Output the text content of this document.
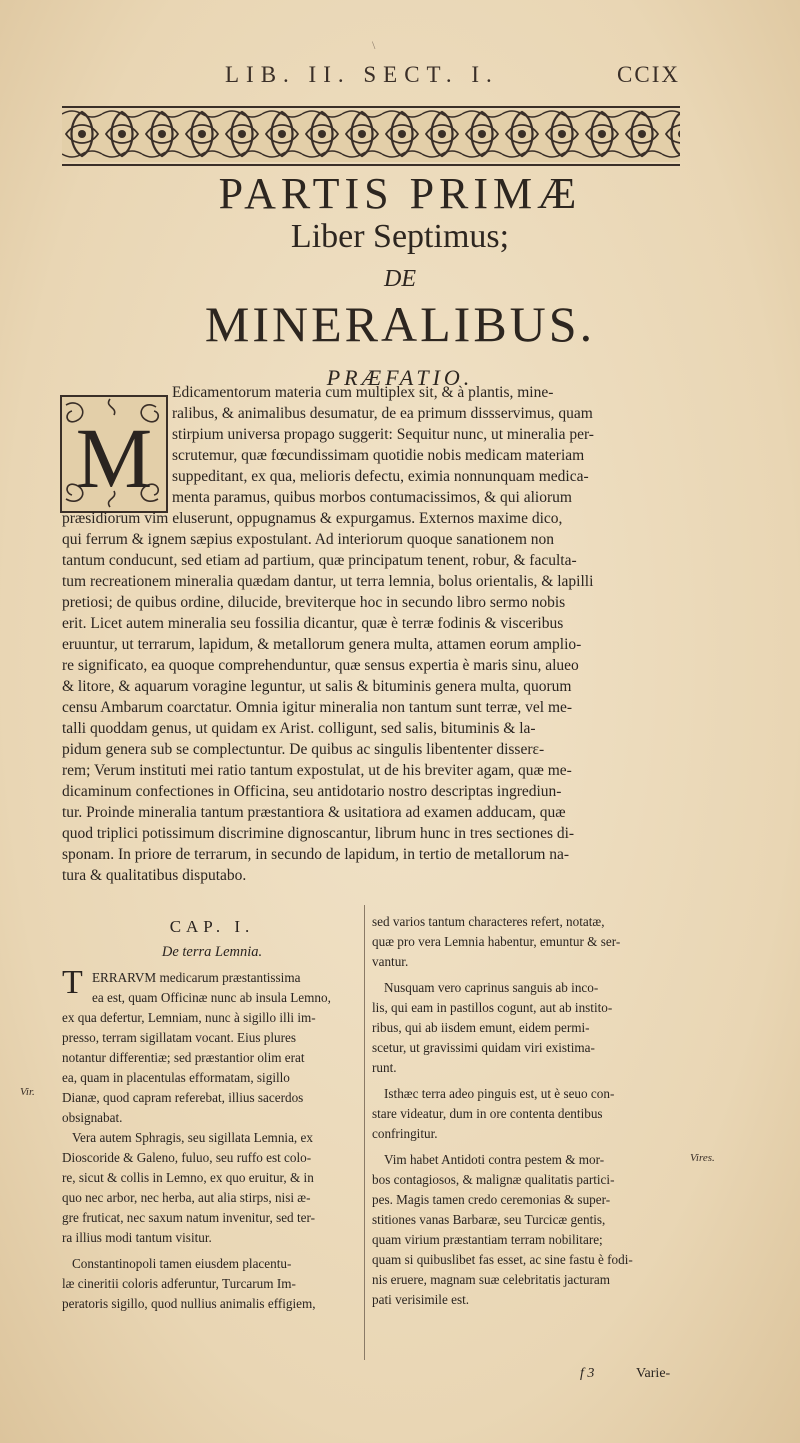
\
LIB. II. SECT. I.	CCIX
PARTIS PRIMÆ
Liber Septimus;
DE
MINERALIBUS.
PRÆFATIO.
M
Edicamentorum materia cum multiplex sit, & à plantis, mine-
ralibus, & animalibus desumatur, de ea primum dissservimus, quam
stirpium universa propago suggerit: Sequitur nunc, ut mineralia per-
scrutemur, quæ fœcundissimam quotidie nobis medicam materiam
suppeditant, ex qua, melioris defectu, eximia nonnunquam medica-
menta paramus, quibus morbos contumacissimos, & qui aliorum
præsidiorum vim eluserunt, oppugnamus & expurgamus. Externos maxime dico,
qui ferrum & ignem sæpius expostulant. Ad interiorum quoque sanationem non
tantum conducunt, sed etiam ad partium, quæ principatum tenent, robur, & faculta-
tum recreationem mineralia quædam dantur, ut terra lemnia, bolus orientalis, & lapilli
pretiosi; de quibus ordine, dilucide, breviterque hoc in secundo libro sermo nobis
erit. Licet autem mineralia seu fossilia dicantur, quæ è terræ fodinis & visceribus
eruuntur, ut terrarum, lapidum, & metallorum genera multa, attamen eorum amplio-
re significato, ea quoque comprehenduntur, quæ sensus expertia è maris sinu, alueo
& litore, & aquarum voragine leguntur, ut salis & bituminis genera multa, quorum
censu Ambarum coarctatur. Omnia igitur mineralia non tantum sunt terræ, vel me-
talli quoddam genus, ut quidam ex Arist. colligunt, sed salis, bituminis & la-
pidum genera sub se complectuntur. De quibus ac singulis libententer disserε-
rem; Verum instituti mei ratio tantum expostulat, ut de his breviter agam, quæ me-
dicaminum confectiones in Officina, seu antidotario nostro descriptas ingrediun-
tur. Proinde mineralia tantum præstantiora & usitatiora ad examen adducam, quæ
quod triplici potissimum discrimine dignoscantur, librum hunc in tres sectiones di-
sponam. In priore de terrarum, in secundo de lapidum, in tertio de metallorum na-
tura & qualitatibus disputabo.
CAP. I.
De terra Lemnia.
T ERRARVM medicarum præstantissima
ea est, quam Officinæ nunc ab insula Lemno,
ex qua defertur, Lemniam, nunc à sigillo illi im-
presso, terram sigillatam vocant. Eius plures
notantur differentiæ; sed præstantior olim erat
ea, quam in placentulas efformatam, sigillo
Dianæ, quod capram referebat, illius sacerdos
obsignabat.
Vera autem Sphragis, seu sigillata Lemnia, ex
Dioscoride & Galeno, fuluo, seu ruffo est colo-
re, sicut & collis in Lemno, ex quo eruitur, & in
quo nec arbor, nec herba, aut alia stirps, nisi æ-
gre fruticat, nec saxum natum invenitur, sed ter-
ra illius modi tantum visitur.
Constantinopoli tamen eiusdem placentu-
læ cineritii coloris adferuntur, Turcarum Im-
peratoris sigillo, quod nullius animalis effigiem,
sed varios tantum characteres refert, notatæ,
quæ pro vera Lemnia habentur, emuntur & ser-
vantur.
Nusquam vero caprinus sanguis ab inco-
lis, qui eam in pastillos cogunt, aut ab instito-
ribus, qui ab iisdem emunt, eidem permi-
scetur, ut gravissimi quidam viri existima-
runt.
Isthæc terra adeo pinguis est, ut è seuo con-
stare videatur, dum in ore contenta dentibus
confringitur.
Vim habet Antidoti contra pestem & mor-
bos contagiosos, & malignæ qualitatis partici-
pes. Magis tamen credo ceremonias & super-
stitiones vanas Barbaræ, seu Turcicæ gentis,
quam virium præstantiam terram nobilitare;
quam si quibuslibet fas esset, ac sine fastu è fodi-
nis eruere, magnam suæ celebritatis jacturam
pati verisimile est.
Vir.
Vires.
f 3	Varie-
